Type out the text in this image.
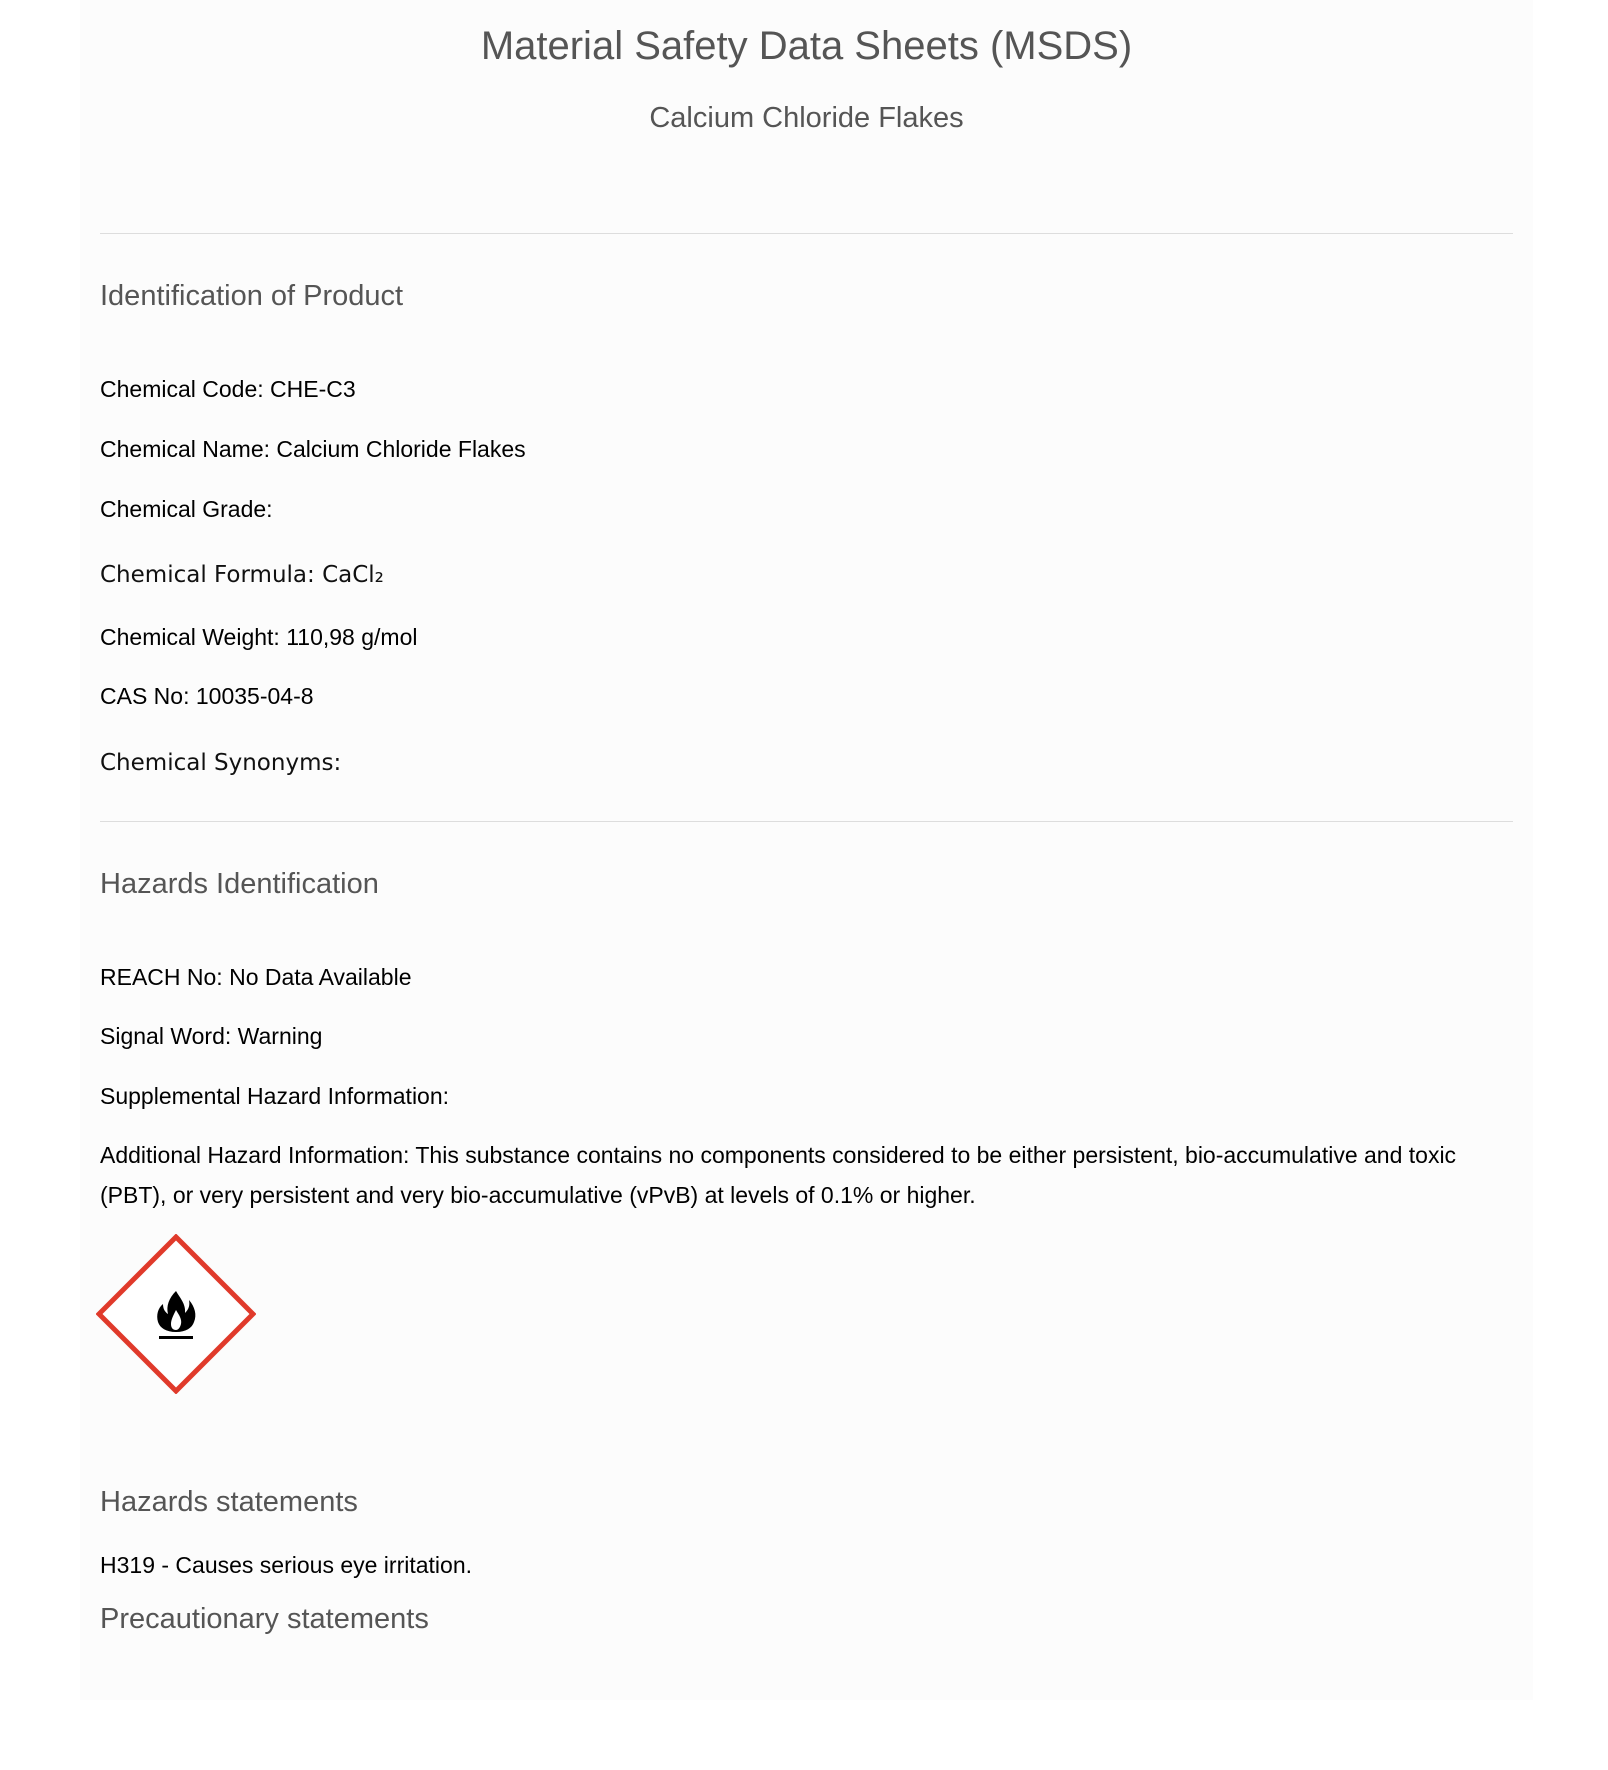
Material Safety Data Sheets (MSDS)
Calcium Chloride Flakes
Identification of Product
Chemical Code: CHE-C3
Chemical Name: Calcium Chloride Flakes
Chemical Grade:
Chemical Formula: CaCl₂
Chemical Weight: 110,98 g/mol
CAS No: 10035-04-8
Chemical Synonyms:
Hazards Identification
REACH No: No Data Available
Signal Word: Warning
Supplemental Hazard Information:
Additional Hazard Information: This substance contains no components considered to be either persistent, bio-accumulative and toxic (PBT), or very persistent and very bio-accumulative (vPvB) at levels of 0.1% or higher.
Hazards statements
H319 - Causes serious eye irritation.
Precautionary statements
